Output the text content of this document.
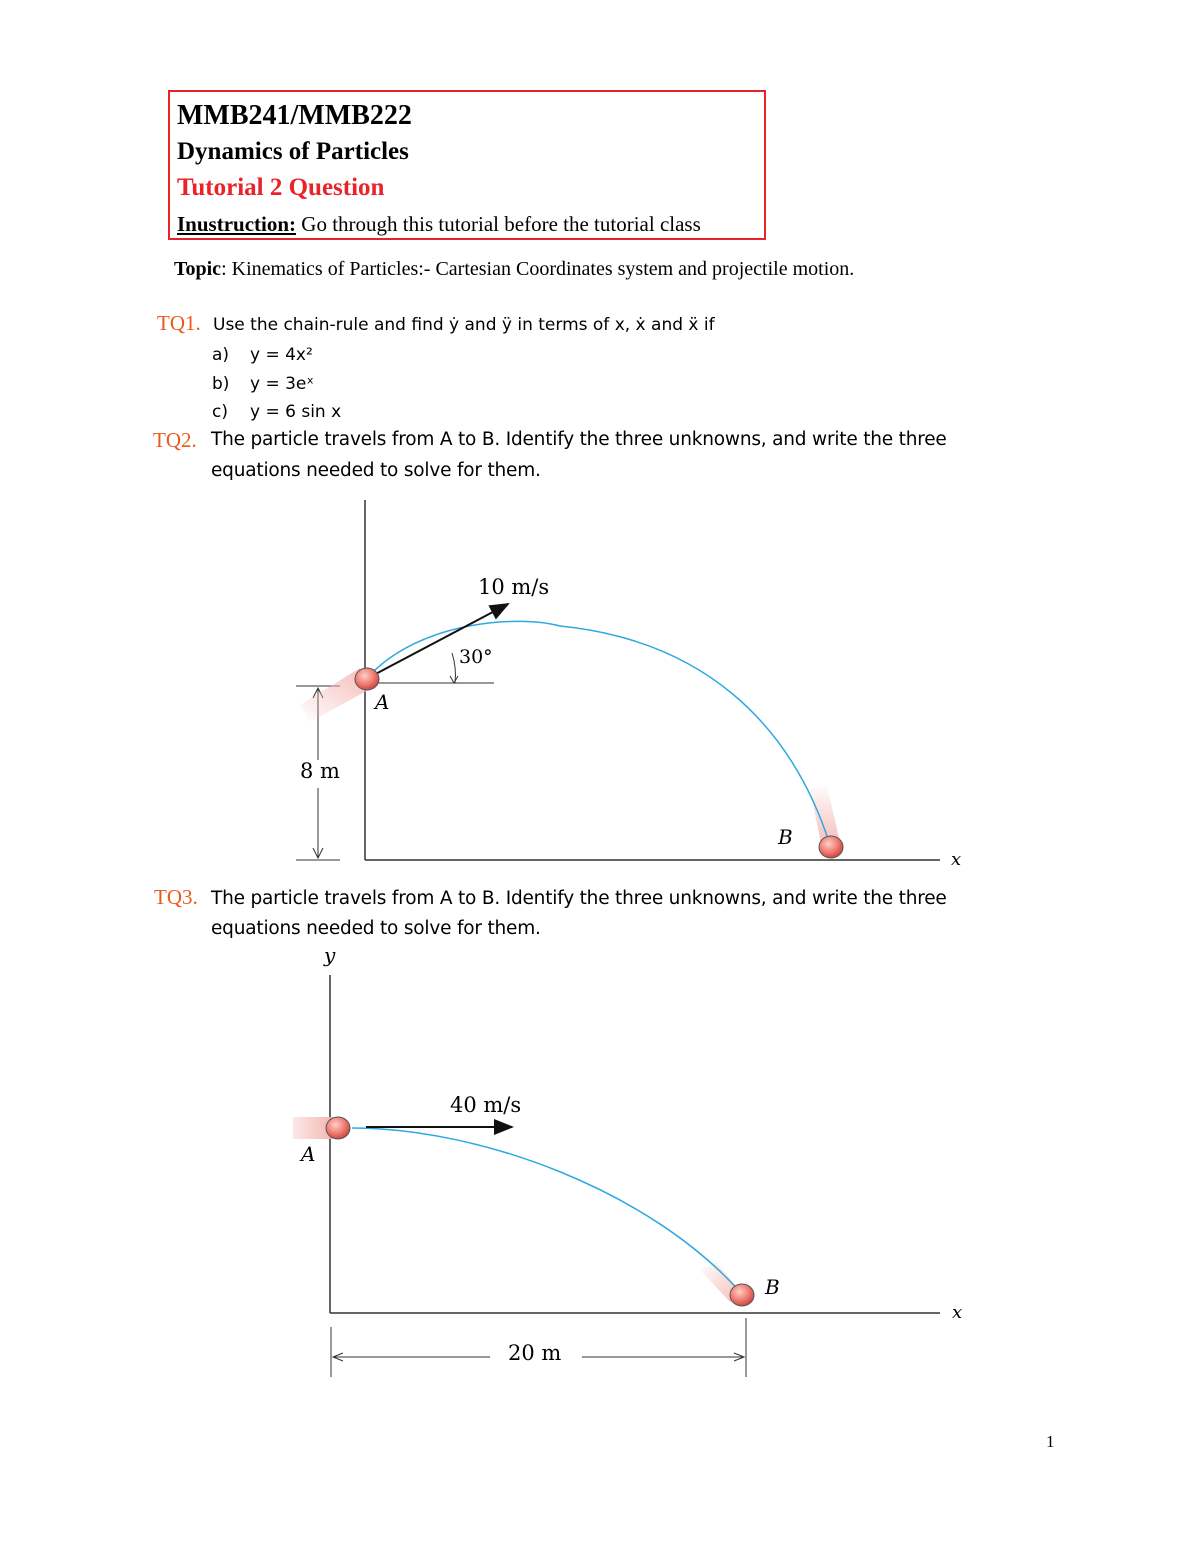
MMB241/MMB222
Dynamics of Particles
Tutorial 2 Question
Inustruction: Go through this tutorial before the tutorial class
Topic: Kinematics of Particles:- Cartesian Coordinates system and projectile motion.
TQ1. Use the chain-rule and find ẏ and ÿ in terms of x, ẋ and ẍ if
a) y = 4x²
b) y = 3eˣ
c) y = 6 sin x
TQ2. The particle travels from A to B. Identify the three unknowns, and write the three
equations needed to solve for them.
10 m/s
30°
A
B
8 m
x
TQ3. The particle travels from A to B. Identify the three unknowns, and write the three
equations needed to solve for them.
y
40 m/s
A
B
x
20 m
1
